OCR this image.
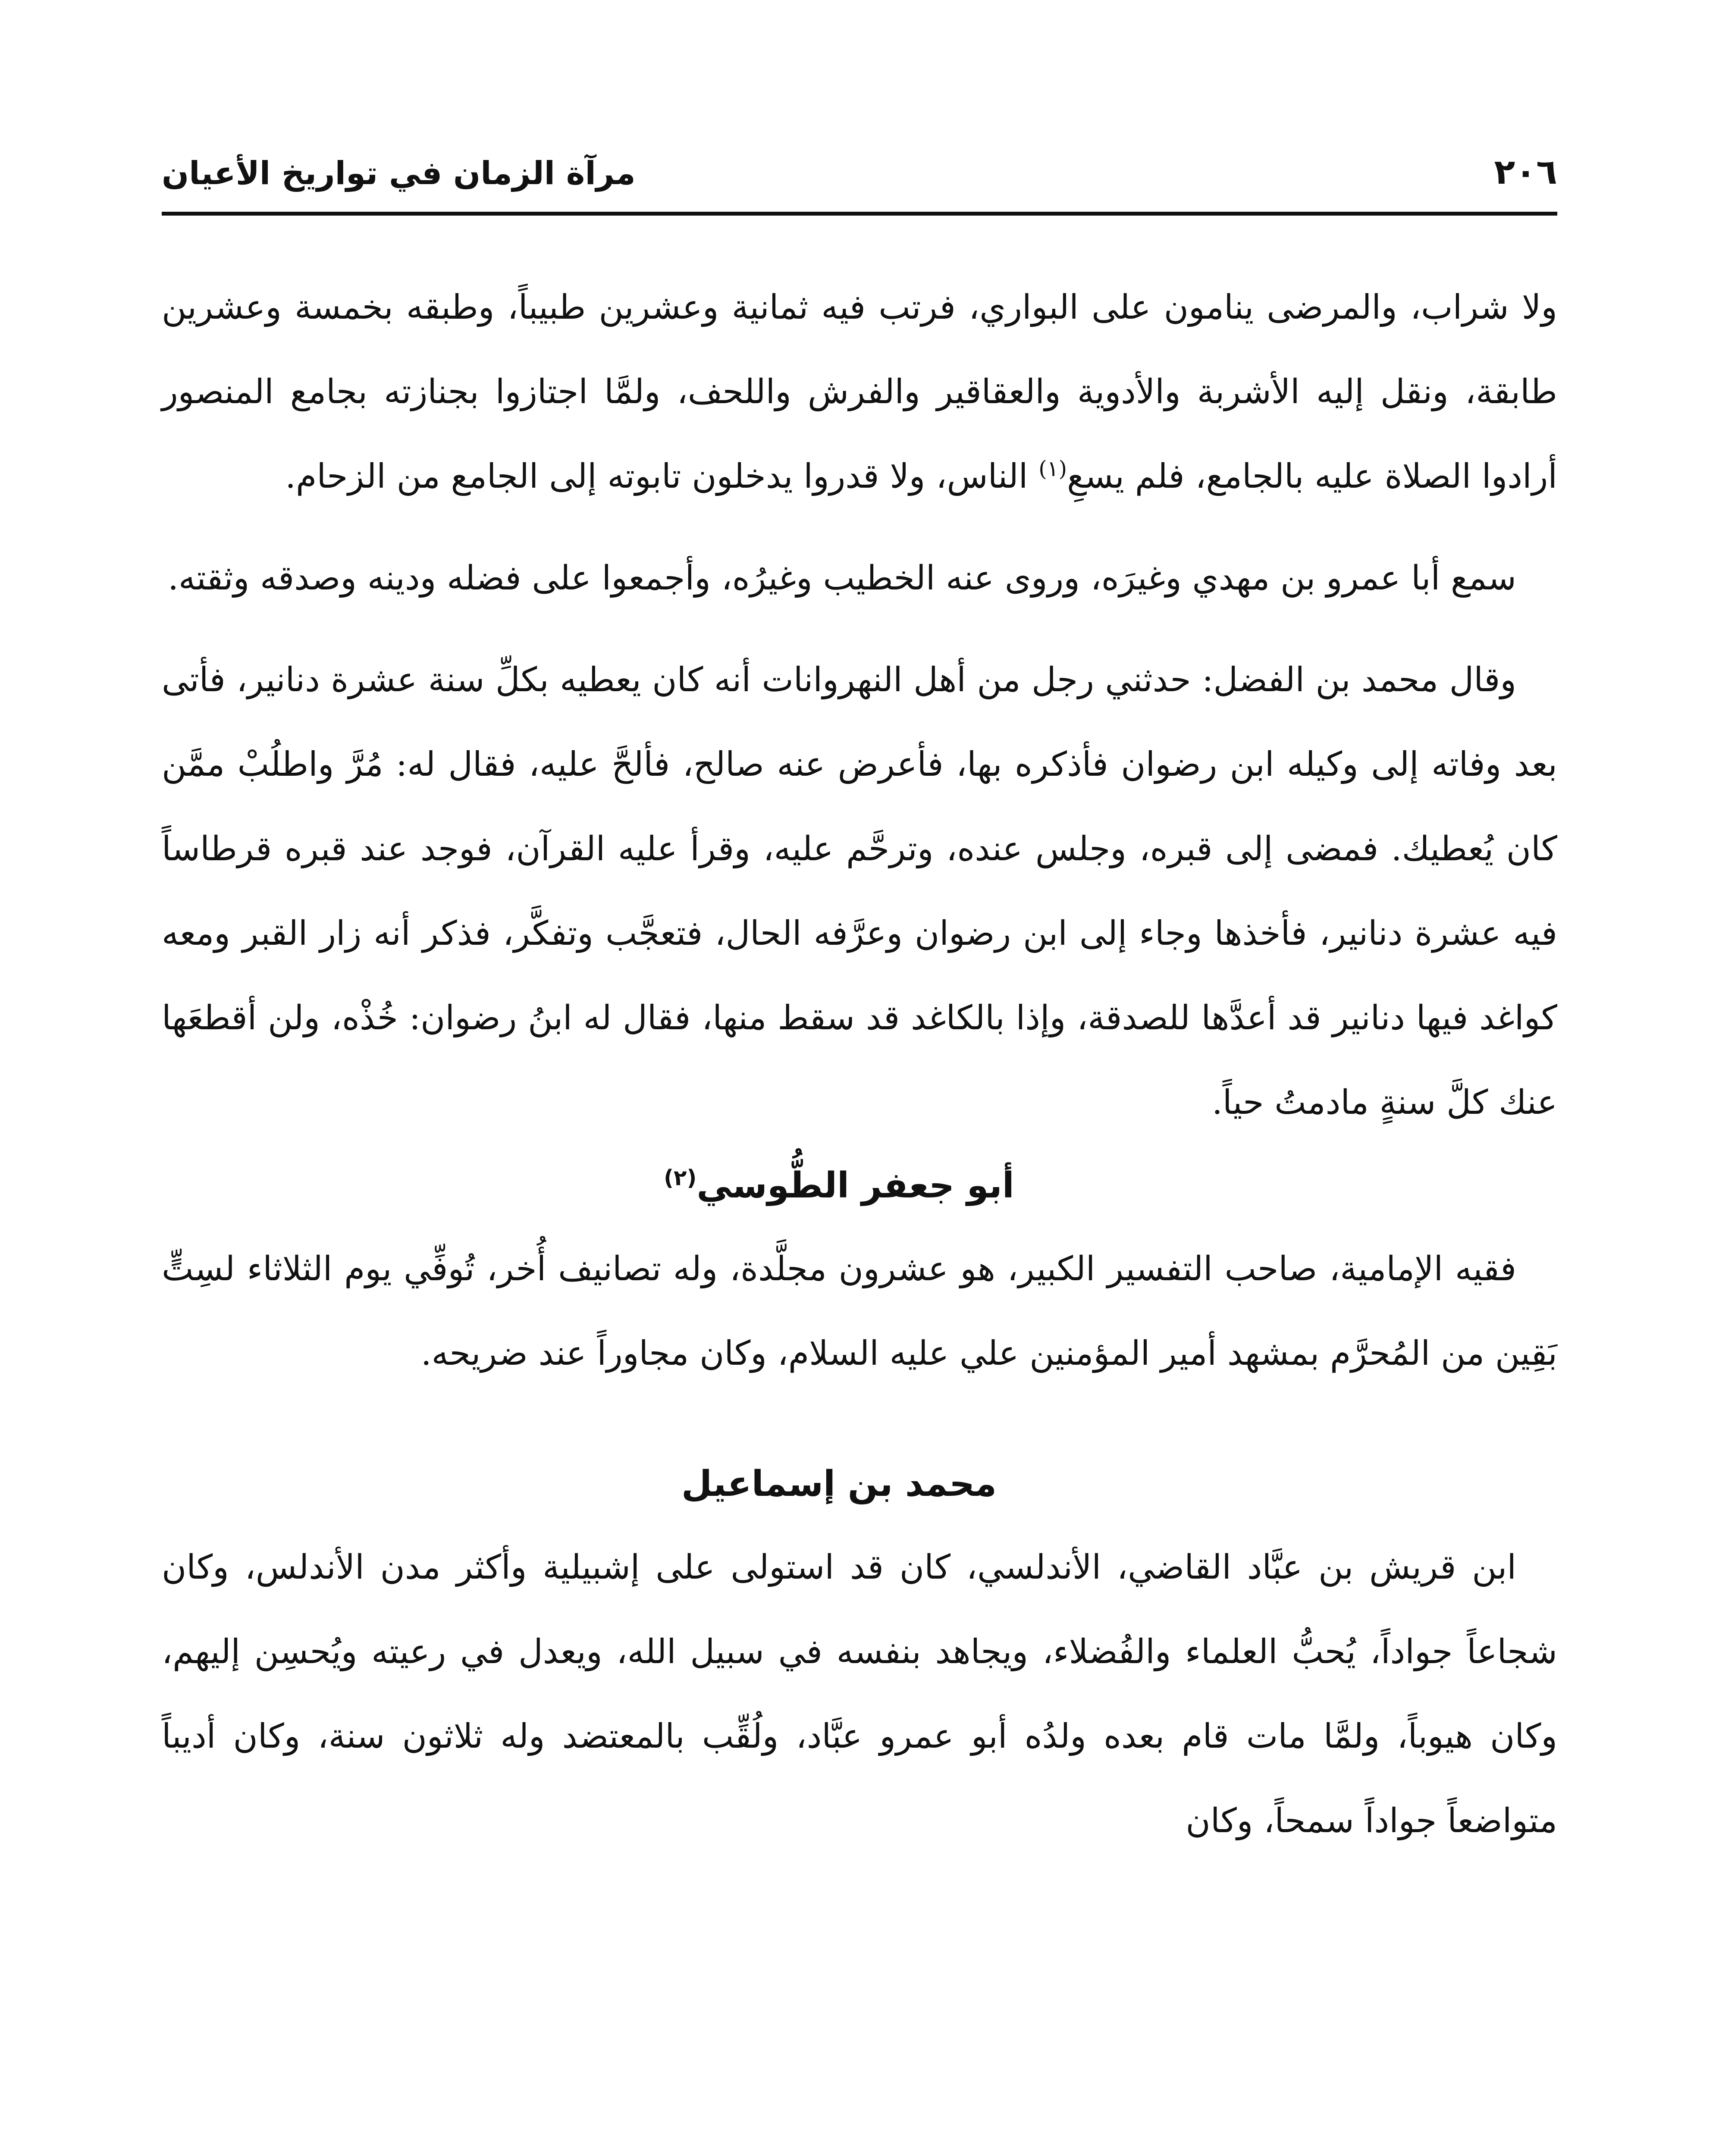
٢٠٦
مرآة الزمان في تواريخ الأعيان

ولا شراب، والمرضى ينامون على البواري، فرتب فيه ثمانية وعشرين طبيباً، وطبقه بخمسة وعشرين طابقة، ونقل إليه الأشربة والأدوية والعقاقير والفرش واللحف، ولمَّا اجتازوا بجنازته بجامع المنصور أرادوا الصلاة عليه بالجامع، فلم يسعِ$^{(١)}$ الناس، ولا قدروا يدخلون تابوته إلى الجامع من الزحام.

سمع أبا عمرو بن مهدي وغيرَه، وروى عنه الخطيب وغيرُه، وأجمعوا على فضله ودينه وصدقه وثقته.

وقال محمد بن الفضل: حدثني رجل من أهل النهروانات أنه كان يعطيه بكلِّ سنة عشرة دنانير، فأتى بعد وفاته إلى وكيله ابن رضوان فأذكره بها، فأعرض عنه صالح، فألحَّ عليه، فقال له: مُرَّ واطلُبْ ممَّن كان يُعطيك. فمضى إلى قبره، وجلس عنده، وترحَّم عليه، وقرأ عليه القرآن، فوجد عند قبره قرطاساً فيه عشرة دنانير، فأخذها وجاء إلى ابن رضوان وعرَّفه الحال، فتعجَّب وتفكَّر، فذكر أنه زار القبر ومعه كواغد فيها دنانير قد أعدَّها للصدقة، وإذا بالكاغد قد سقط منها، فقال له ابنُ رضوان: خُذْه، ولن أقطعَها عنك كلَّ سنةٍ مادمتُ حياً.

أبو جعفر الطُّوسي$^{(٢)}$

فقيه الإمامية، صاحب التفسير الكبير، هو عشرون مجلَّدة، وله تصانيف أُخر، تُوفِّي يوم الثلاثاء لسِتٍّ بَقِين من المُحرَّم بمشهد أمير المؤمنين علي عليه السلام، وكان مجاوراً عند ضريحه.

محمد بن إسماعيل

ابن قريش بن عبَّاد القاضي، الأندلسي، كان قد استولى على إشبيلية وأكثر مدن الأندلس، وكان شجاعاً جواداً، يُحبُّ العلماء والفُضلاء، ويجاهد بنفسه في سبيل الله، ويعدل في رعيته ويُحسِن إليهم، وكان هيوباً، ولمَّا مات قام بعده ولدُه أبو عمرو عبَّاد، ولُقِّب بالمعتضد وله ثلاثون سنة، وكان أديباً متواضعاً جواداً سمحاً، وكان
